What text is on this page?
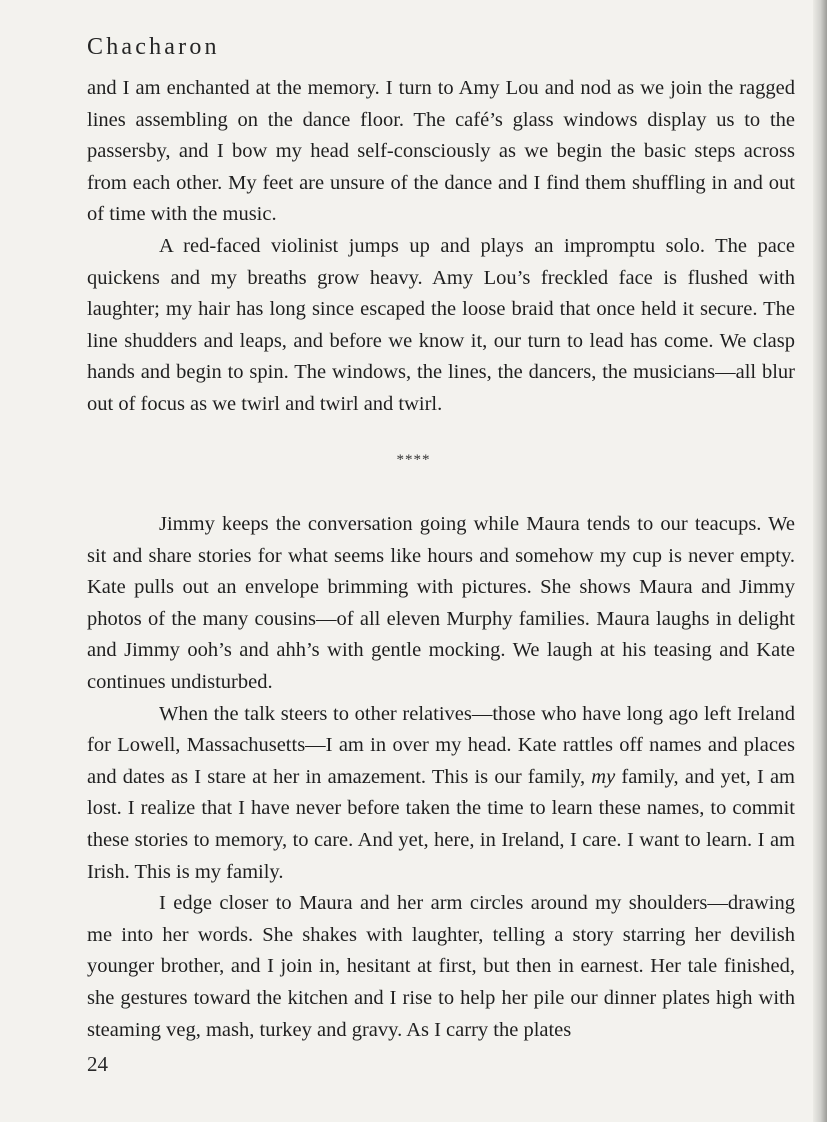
Chacharon

and I am enchanted at the memory. I turn to Amy Lou and nod as we join the ragged lines assembling on the dance floor. The café’s glass windows display us to the passersby, and I bow my head self-consciously as we begin the basic steps across from each other. My feet are unsure of the dance and I find them shuffling in and out of time with the music.

A red-faced violinist jumps up and plays an impromptu solo. The pace quickens and my breaths grow heavy. Amy Lou’s freckled face is flushed with laughter; my hair has long since escaped the loose braid that once held it secure. The line shudders and leaps, and before we know it, our turn to lead has come. We clasp hands and begin to spin. The windows, the lines, the dancers, the musicians—all blur out of focus as we twirl and twirl and twirl.

****

Jimmy keeps the conversation going while Maura tends to our teacups. We sit and share stories for what seems like hours and somehow my cup is never empty. Kate pulls out an envelope brimming with pictures. She shows Maura and Jimmy photos of the many cousins—of all eleven Murphy families. Maura laughs in delight and Jimmy ooh’s and ahh’s with gentle mocking. We laugh at his teasing and Kate continues undisturbed.

When the talk steers to other relatives—those who have long ago left Ireland for Lowell, Massachusetts—I am in over my head. Kate rattles off names and places and dates as I stare at her in amazement. This is our family, my family, and yet, I am lost. I realize that I have never before taken the time to learn these names, to commit these stories to memory, to care. And yet, here, in Ireland, I care. I want to learn. I am Irish. This is my family.

I edge closer to Maura and her arm circles around my shoulders—drawing me into her words. She shakes with laughter, telling a story starring her devilish younger brother, and I join in, hesitant at first, but then in earnest. Her tale finished, she gestures toward the kitchen and I rise to help her pile our dinner plates high with steaming veg, mash, turkey and gravy. As I carry the plates

24
